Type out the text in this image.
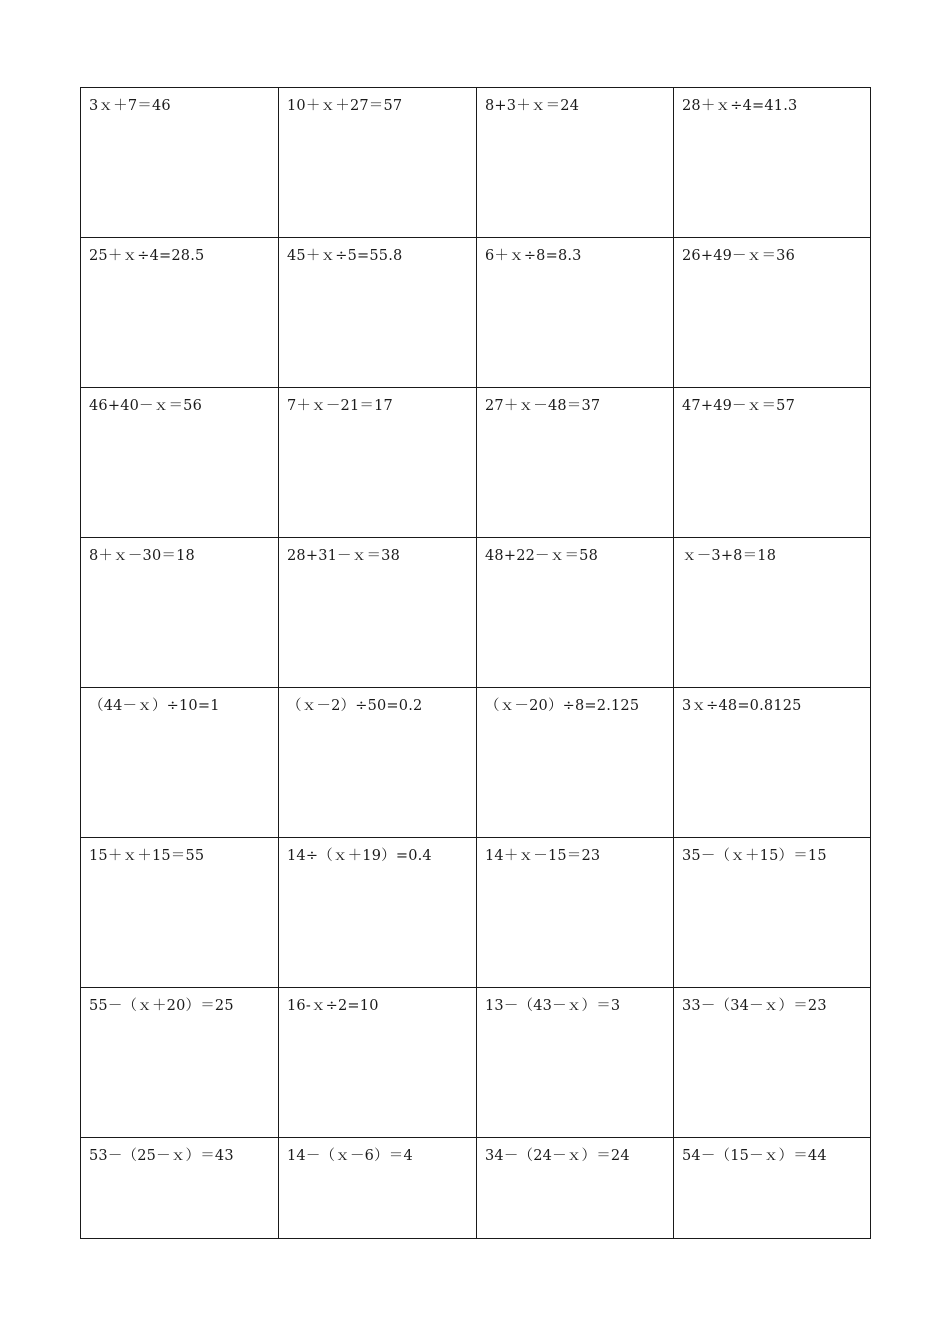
3ｘ＋7＝46	10＋ｘ＋27＝57	8+3＋ｘ＝24	28＋ｘ÷4=41.3
25＋ｘ÷4=28.5	45＋ｘ÷5=55.8	6＋ｘ÷8=8.3	26+49－ｘ＝36
46+40－ｘ＝56	7＋ｘ－21＝17	27＋ｘ－48＝37	47+49－ｘ＝57
8＋ｘ－30＝18	28+31－ｘ＝38	48+22－ｘ＝58	ｘ－3+8＝18
（44－ｘ）÷10=1	（ｘ－2）÷50=0.2	（ｘ－20）÷8=2.125	3ｘ÷48=0.8125
15＋ｘ＋15＝55	14÷（ｘ＋19）=0.4	14＋ｘ－15＝23	35－（ｘ＋15）＝15
55－（ｘ＋20）＝25	16-ｘ÷2=10	13－（43－ｘ）＝3	33－（34－ｘ）＝23
53－（25－ｘ）＝43	14－（ｘ－6）＝4	34－（24－ｘ）＝24	54－（15－ｘ）＝44
